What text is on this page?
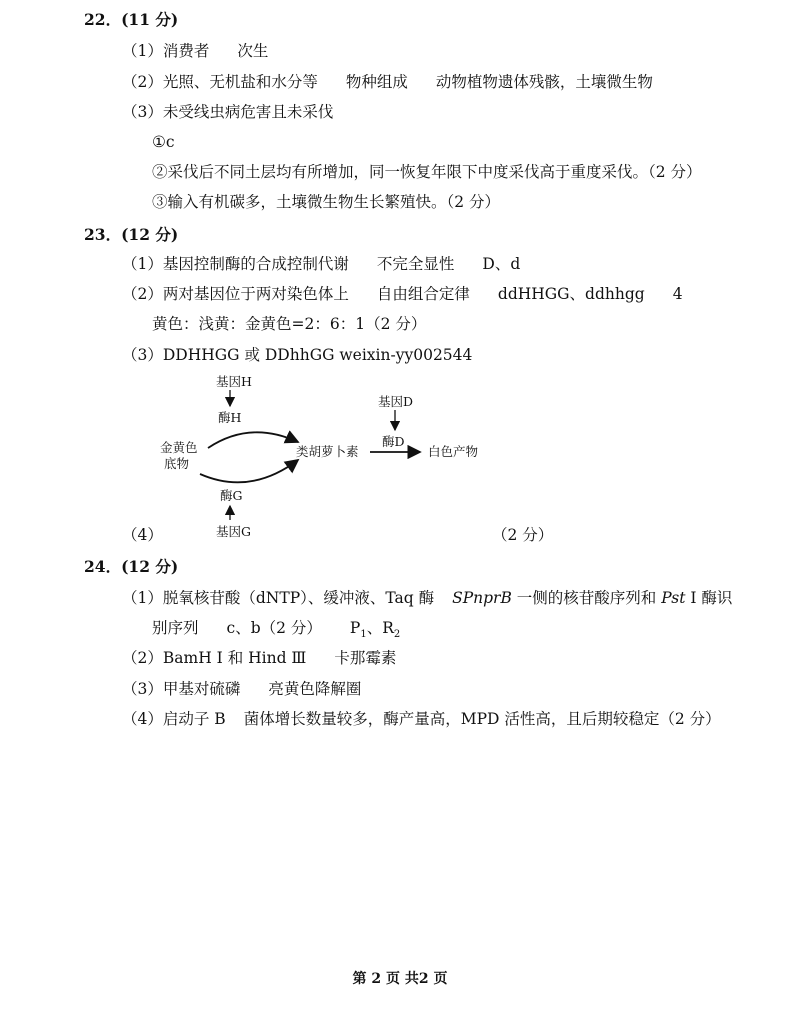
22．(11 分)
（1）消费者 次生
（2）光照、无机盐和水分等 物种组成 动物植物遗体残骸，土壤微生物
（3）未受线虫病危害且未采伐
①c
②采伐后不同土层均有所增加，同一恢复年限下中度采伐高于重度采伐。（2 分）
③输入有机碳多，土壤微生物生长繁殖快。（2 分）
23．(12 分)
（1）基因控制酶的合成控制代谢 不完全显性 D、d
（2）两对基因位于两对染色体上 自由组合定律 ddHHGG、ddhhgg 4
黄色：浅黄：金黄色=2：6：1（2 分）
（3）DDHHGG 或 DDhhGG weixin-yy002544
基因H
酶H
基因D
酶D
金黄色
底物
类胡萝卜素	白色产物
酶G
基因G
（4）	（2 分）
24．(12 分)
（1）脱氧核苷酸（dNTP）、缓冲液、Taq 酶 SPnprB 一侧的核苷酸序列和 Pst I 酶识
别序列 c、b（2 分） $P_1$、$R_2$
（2）BamH I 和 Hind Ⅲ 卡那霉素
（3）甲基对硫磷 亮黄色降解圈
（4）启动子 B 菌体增长数量较多，酶产量高，MPD 活性高，且后期较稳定（2 分）
第 2 页 共2 页
